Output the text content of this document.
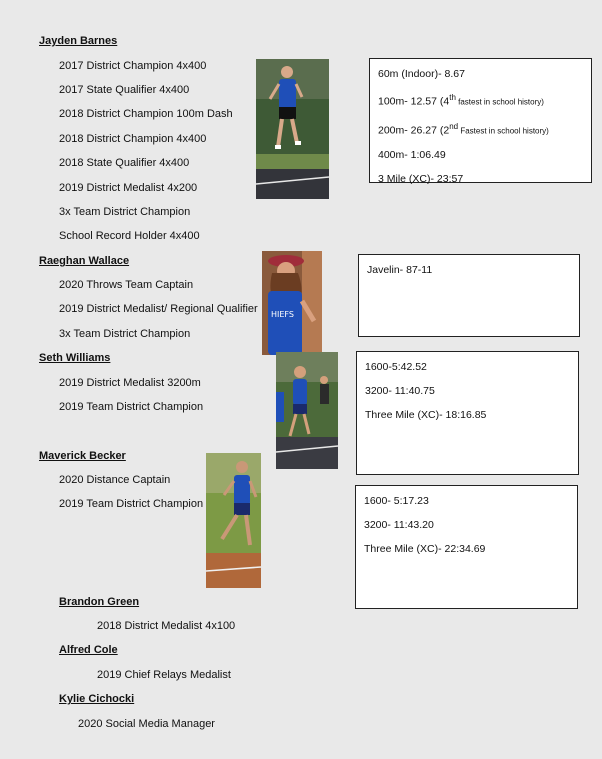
Jayden Barnes
2017 District Champion 4x400
2017 State Qualifier 4x400
2018 District Champion 100m Dash
2018 District Champion 4x400
2018 State Qualifier 4x400
2019 District Medalist 4x200
3x Team District Champion
School Record Holder 4x400
60m (Indoor)- 8.67
100m- 12.57 (4th fastest in school history)
200m- 26.27 (2nd Fastest in school history)
400m- 1:06.49
3 Mile (XC)- 23:57
Raeghan Wallace
2020 Throws Team Captain
2019 District Medalist/ Regional Qualifier
3x Team District Champion
HIEFS
Javelin- 87-11
Seth Williams
2019 District Medalist 3200m
2019 Team District Champion
1600-5:42.52
3200- 11:40.75
Three Mile (XC)- 18:16.85
Maverick Becker
2020 Distance Captain
2019 Team District Champion	1600- 5:17.23
3200- 11:43.20
Three Mile (XC)- 22:34.69
Brandon Green
2018 District Medalist 4x100
Alfred Cole
2019 Chief Relays Medalist
Kylie Cichocki
2020 Social Media Manager
